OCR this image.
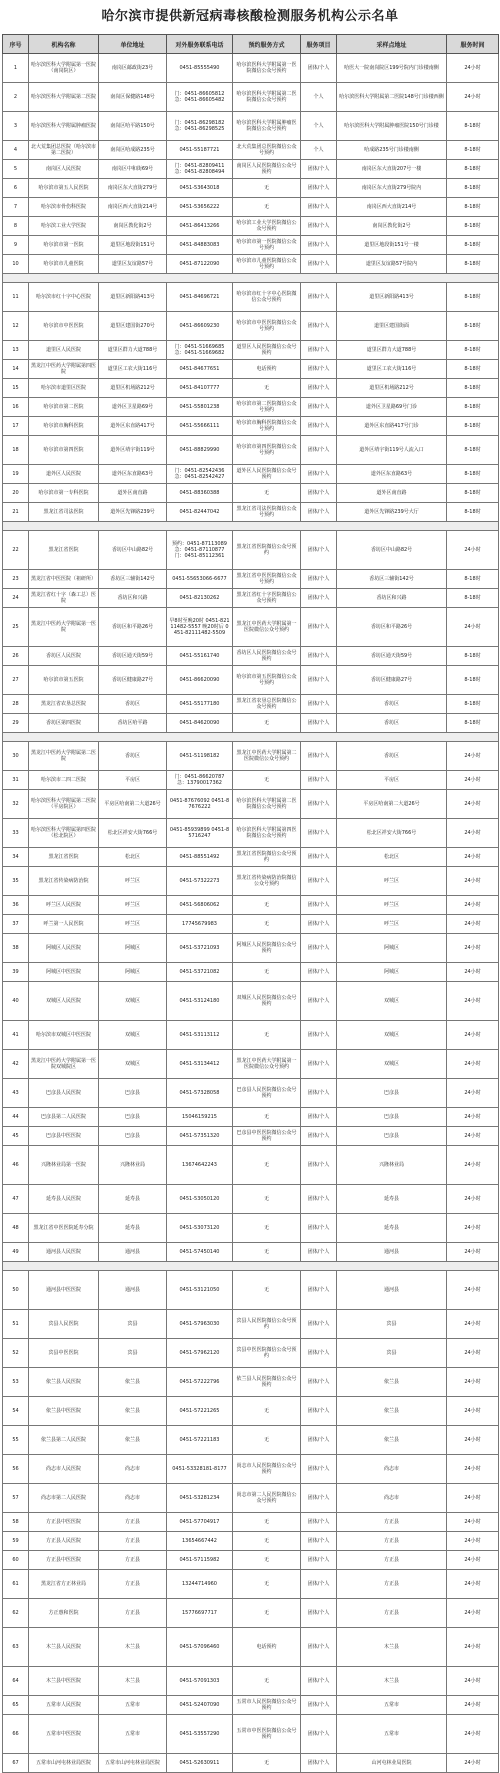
哈尔滨市提供新冠病毒核酸检测服务机构公示名单
序号	机构名称	单位地址	对外服务联系电话	预约服务方式	服务项目	采样点地址	服务时间
1	哈尔滨医科大学附属第一医院（南岗院区）	南岗区邮政街23号	0451-85555490	哈尔滨医科大学附属第一医院微信公众号预约	团体/个人	哈医大一院南岗院区199号院内门诊楼南侧	24小时
2	哈尔滨医科大学附属第二医院	南岗区保健路148号	门：0451-86605812 急：0451-86605482	哈尔滨医科大学附属第二医院微信公众号预约	个人	哈尔滨医科大学附属第二医院148号门诊楼西侧	24小时
3	哈尔滨医科大学附属肿瘤医院	南岗区哈平路150号	门：0451-86298182 急：0451-86298525	哈尔滨医科大学附属肿瘤医院微信公众号预约	个人	哈尔滨医科大学附属肿瘤医院150号门诊楼	8-18时
4	北大荒集团总医院（哈尔滨市第二医院）	南岗区哈成路235号	0451-55187721	北大荒集团总医院微信公众号预约	个人	哈成路235号门诊楼南侧	8-18时
5	南岗区人民医院	南岗区中和街69号	门：0451-82809411 急：0451-82808494	南岗区人民医院微信公众号预约	团体/个人	南岗区东大直街207号一楼	8-18时
6	哈尔滨市第五人民医院	南岗区东大直街279号	0451-53643018	无	团体/个人	南岗区东大直街279号院内	8-18时
7	哈尔滨市骨伤科医院	南岗区西大直街214号	0451-53656222	无	团体/个人	南岗区西大直街214号	8-18时
8	哈尔滨工业大学医院	南岗区教化街2号	0451-86413266	哈尔滨工业大学医院微信公众号预约	团体/个人	南岗区教化街2号	8-18时
9	哈尔滨市第一医院	道里区地段街151号	0451-84883083	哈尔滨市第一医院微信公众号预约	团体/个人	道里区地段街151号一楼	8-18时
10	哈尔滨市儿童医院	道里区友谊路57号	0451-87122090	哈尔滨市儿童医院微信公众号预约	团体/个人	道里区友谊路57号院内	8-18时

11	哈尔滨市红十字中心医院	道里区新阳路413号	0451-84696721	哈尔滨市红十字中心医院微信公众号预约	团体/个人	道里区新阳路413号	8-18时
12	哈尔滨市中医医院	道里区建国街270号	0451-86609230	哈尔滨市中医医院微信公众号预约	团体/个人	道里区建国街面	8-18时
13	道里区人民医院	道里区群力大道788号	门：0451-51669685 急：0451-51669682	道里区人民医院微信公众号预约	团体/个人	道里区群力大道788号	8-18时
14	黑龙江中医药大学附属第四医院	道里区工农大街116号	0451-84677651	电话预约	团体/个人	道里区工农大街116号	8-18时
15	哈尔滨市道里区医院	道里区机场路212号	0451-84107777	无	团体/个人	道里区机场路212号	8-18时
16	哈尔滨市第二医院	道外区卫星路69号	0451-55801238	哈尔滨市第二医院微信公众号预约	团体/个人	道外区卫星路69号门诊	8-18时
17	哈尔滨市胸科医院	道外区东直路417号	0451-55666111	哈尔滨市胸科医院微信公众号预约	团体/个人	道外区东直路417号门诊	8-18时
18	哈尔滨市第四医院	道外区靖宇街119号	0451-88829990	哈尔滨市第四医院微信公众号预约	团体/个人	道外区靖宇街119号人流入口	8-18时
19	道外区人民医院	道外区东直路63号	门：0451-82542436 急：0451-82542427	道外区人民医院微信公众号预约	团体/个人	道外区东直路63号	8-18时
20	哈尔滨市第一专科医院	道外区南直路	0451-88360388	无	团体/个人	道外区南直路	8-18时
21	黑龙江省司法医院	道外区先锋路239号	0451-82447042	黑龙江省司法医院微信公众号预约	团体/个人	道外区先锋路239号大厅	8-18时

22	黑龙江省医院	香坊区中山路82号	预约：0451-87113089 急：0451-87110877 门：0451-85112361	黑龙江省医院微信公众号预约	团体/个人	香坊区中山路82号	24小时
23	黑龙江省中医医院（祖研所）	香坊区三辅街142号	0451-55653066-6677	黑龙江省中医医院微信公众号预约	团体/个人	香坊区三辅街142号	8-18时
24	黑龙江省红十字（森工总）医院	香坊区和兴路	0451-82130262	黑龙江省红十字医院微信公众号预约	团体/个人	香坊区和兴路	8-18时
25	黑龙江中医药大学附属第一医院	香坊区和平路26号	早8时至晚20时 0451-82111482-5557 晚20时后 0451-82111482-5509	黑龙江中医药大学附属第一医院微信公众号预约	团体/个人	香坊区和平路26号	24小时
26	香坊区人民医院	香坊区通天街59号	0451-55161740	香坊区人民医院微信公众号预约	团体/个人	香坊区通天街59号	8-18时
27	哈尔滨市第五医院	香坊区健康路27号	0451-86620090	哈尔滨市第五医院微信公众号预约	团体/个人	香坊区健康路27号	8-18时
28	黑龙江省农垦总医院	香坊区	0451-55177180	黑龙江省农垦总医院微信公众号预约	团体/个人	香坊区	8-18时
29	香坊区第四医院	香坊区哈平路	0451-84620090	无	团体/个人	香坊区	8-18时

30	黑龙江中医药大学附属第二医院	香坊区	0451-51198182	黑龙江中医药大学附属第二医院微信公众号预约	团体/个人	香坊区	24小时
31	哈尔滨市二四二医院	平房区	门：0451-86620787 急：13790017362	无	团体/个人	平房区	24小时
32	哈尔滨医科大学附属第二医院（平房院区）	平房区哈南第二大道26号	0451-87676092 0451-87676222	哈尔滨医科大学附属第二医院微信公众号预约	团体/个人	平房区哈南第二大道26号	24小时
33	哈尔滨医科大学附属第四医院（松北院区）	松北区祥安大街766号	0451-85939899 0451-85716247	哈尔滨医科大学附属第四医院微信公众号预约	团体/个人	松北区祥安大街766号	24小时
34	黑龙江省医院	松北区	0451-88551492	黑龙江省医院微信公众号预约	团体/个人	松北区	24小时
35	黑龙江省传染病防治院	呼兰区	0451-57322273	黑龙江省传染病防治院微信公众号预约	团体/个人	呼兰区	24小时
36	呼兰区人民医院	呼兰区	0451-56806062	无	团体/个人	呼兰区	24小时
37	呼兰第一人民医院	呼兰区	17745679983	无	团体/个人	呼兰区	24小时
38	阿城区人民医院	阿城区	0451-53721093	阿城区人民医院微信公众号预约	团体/个人	阿城区	24小时
39	阿城区中医医院	阿城区	0451-53721082	无	团体/个人	阿城区	24小时
40	双城区人民医院	双城区	0451-53124180	双城区人民医院微信公众号预约	团体/个人	双城区	24小时
41	哈尔滨市双城区中医医院	双城区	0451-53113112	无	团体/个人	双城区	24小时
42	黑龙江中医药大学附属第一医院双城院区	双城区	0451-53134412	黑龙江中医药大学附属第一医院微信公众号预约	团体/个人	双城区	24小时
43	巴彦县人民医院	巴彦县	0451-57328058	巴彦县人民医院微信公众号预约	团体/个人	巴彦县	24小时
44	巴彦县第二人民医院	巴彦县	15046159215	无	团体/个人	巴彦县	24小时
45	巴彦县中医医院	巴彦县	0451-57351320	巴彦县中医医院微信公众号预约	团体/个人	巴彦县	24小时
46	兴隆林业局第一医院	兴隆林业局	13674642243	无	团体/个人	兴隆林业局	24小时
47	延寿县人民医院	延寿县	0451-53050120	无	团体/个人	延寿县	24小时
48	黑龙江省中医医院延寿分院	延寿县	0451-53073120	无	团体/个人	延寿县	24小时
49	通河县人民医院	通河县	0451-57450140	无	团体/个人	通河县	24小时

50	通河县中医医院	通河县	0451-53121050	无	团体/个人	通河县	24小时
51	宾县人民医院	宾县	0451-57963030	宾县人民医院微信公众号预约	团体/个人	宾县	24小时
52	宾县中医医院	宾县	0451-57962120	宾县中医医院微信公众号预约	团体/个人	宾县	24小时
53	依兰县人民医院	依兰县	0451-57222796	依兰县人民医院微信公众号预约	团体/个人	依兰县	24小时
54	依兰县中医医院	依兰县	0451-57221265	无	团体/个人	依兰县	24小时
55	依兰县第二人民医院	依兰县	0451-57221183	无	团体/个人	依兰县	24小时
56	尚志市人民医院	尚志市	0451-53328181-8177	尚志市人民医院微信公众号预约	团体/个人	尚志市	24小时
57	尚志市第二人民医院	尚志市	0451-53281234	尚志市第二人民医院微信公众号预约	团体/个人	尚志市	24小时
58	方正县中医医院	方正县	0451-57704917	无	团体/个人	方正县	24小时
59	方正县人民医院	方正县	13654667442	无	团体/个人	方正县	24小时
60	方正县中医医院	方正县	0451-57115982	无	团体/个人	方正县	24小时
61	黑龙江省方正林业局	方正县	13244714960	无	团体/个人	方正县	24小时
62	方正惠和医院	方正县	15776697717	无	团体/个人	方正县	24小时
63	木兰县人民医院	木兰县	0451-57096460	电话预约	团体/个人	木兰县	24小时
64	木兰县中医医院	木兰县	0451-57091303	无	团体/个人	木兰县	24小时
65	五常市人民医院	五常市	0451-52407090	五常市人民医院微信公众号预约	团体/个人	五常市	24小时
66	五常市中医医院	五常市	0451-53557290	五常市中医医院微信公众号预约	团体/个人	五常市	24小时
67	五常市山河屯林业局医院	五常市山河屯林业局医院	0451-52630911	无	团体/个人	山河屯林业局医院	24小时
